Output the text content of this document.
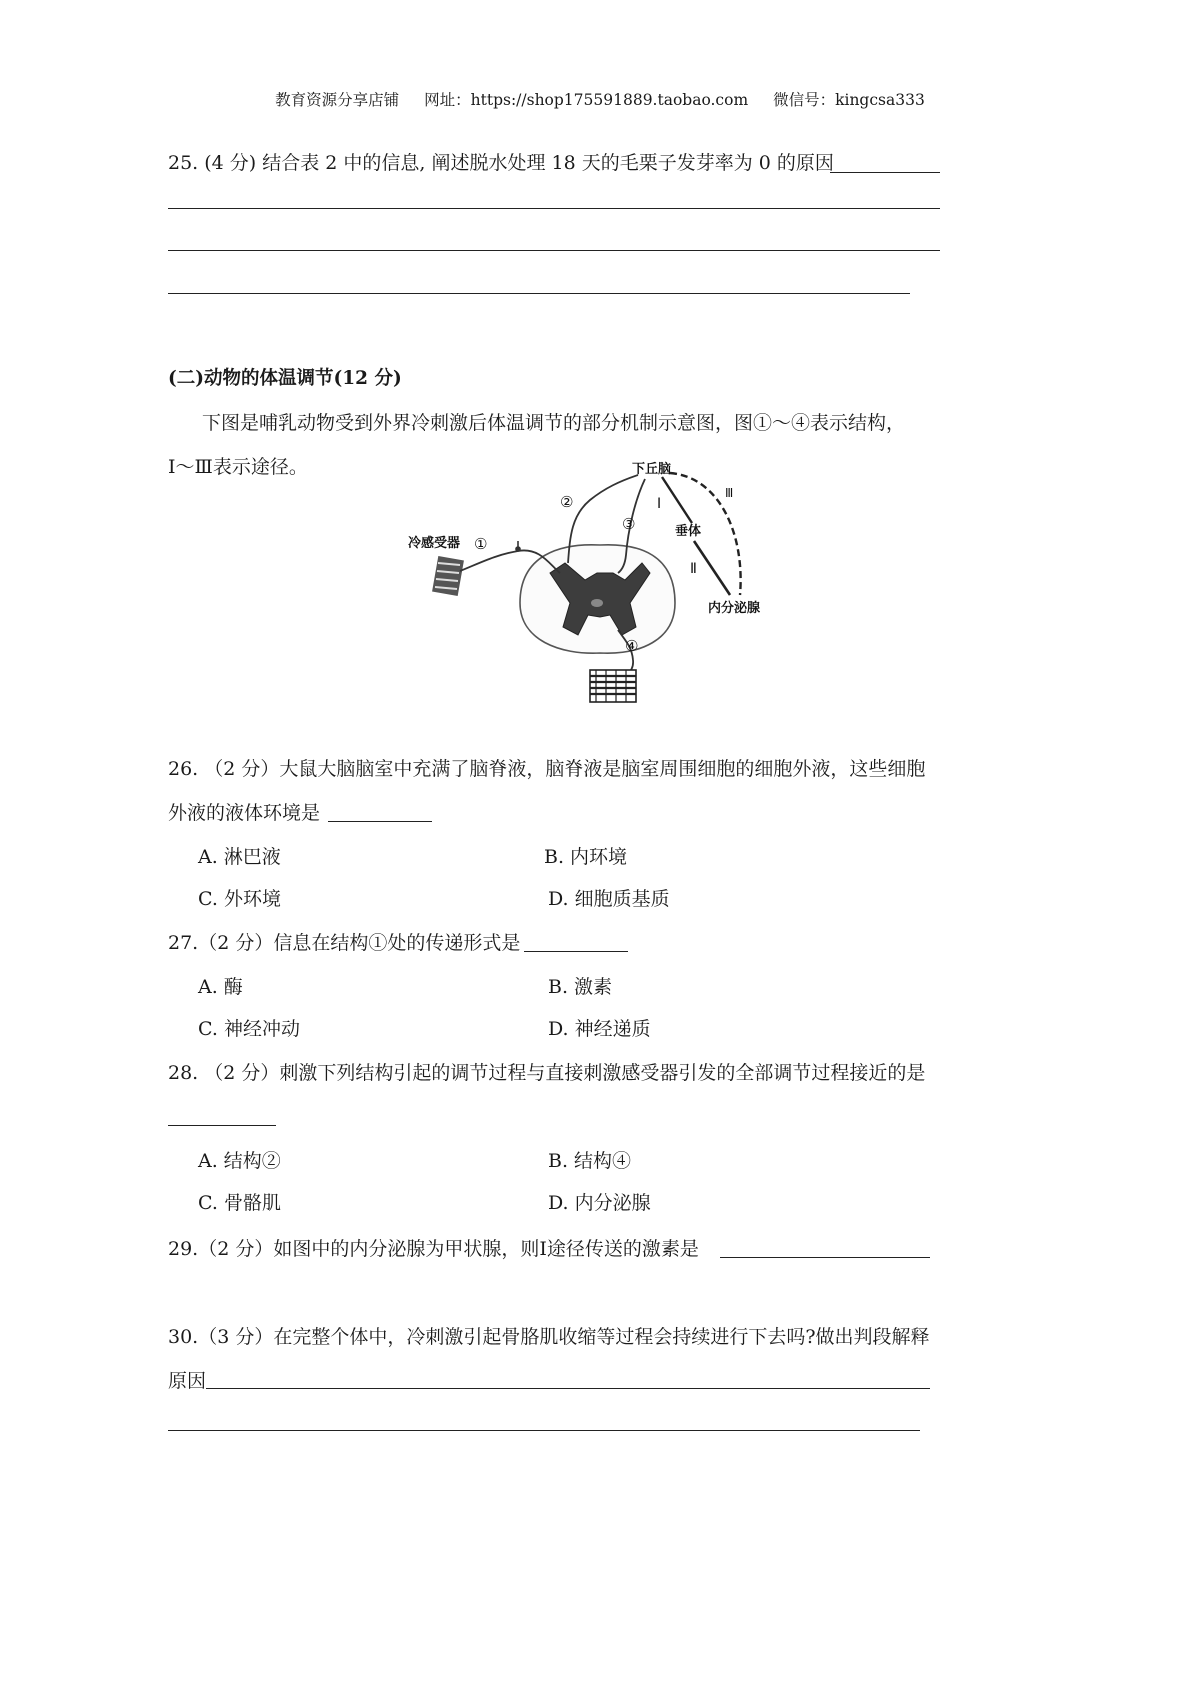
教育资源分享店铺 网址：https://shop175591889.taobao.com 微信号：kingcsa333
25. (4 分) 结合表 2 中的信息, 阐述脱水处理 18 天的毛栗子发芽率为 0 的原因
(二)动物的体温调节(12 分)
下图是哺乳动物受到外界冷刺激后体温调节的部分机制示意图，图①～④表示结构，
Ⅰ～Ⅲ表示途径。	下丘脑
垂体
内分泌腺
冷感受器 ①
②
③
④
Ⅰ
Ⅱ
Ⅲ
26. （2 分）大鼠大脑脑室中充满了脑脊液，脑脊液是脑室周围细胞的细胞外液，这些细胞
外液的液体环境是
A. 淋巴液	B. 内环境
C. 外环境	D. 细胞质基质
27.（2 分）信息在结构①处的传递形式是
A. 酶	B. 激素
C. 神经冲动	D. 神经递质
28. （2 分）刺激下列结构引起的调节过程与直接刺激感受器引发的全部调节过程接近的是
A. 结构②	B. 结构④
C. 骨骼肌	D. 内分泌腺
29.（2 分）如图中的内分泌腺为甲状腺，则Ⅰ途径传送的激素是
30.（3 分）在完整个体中，冷刺激引起骨胳肌收缩等过程会持续进行下去吗?做出判段解释
原因
